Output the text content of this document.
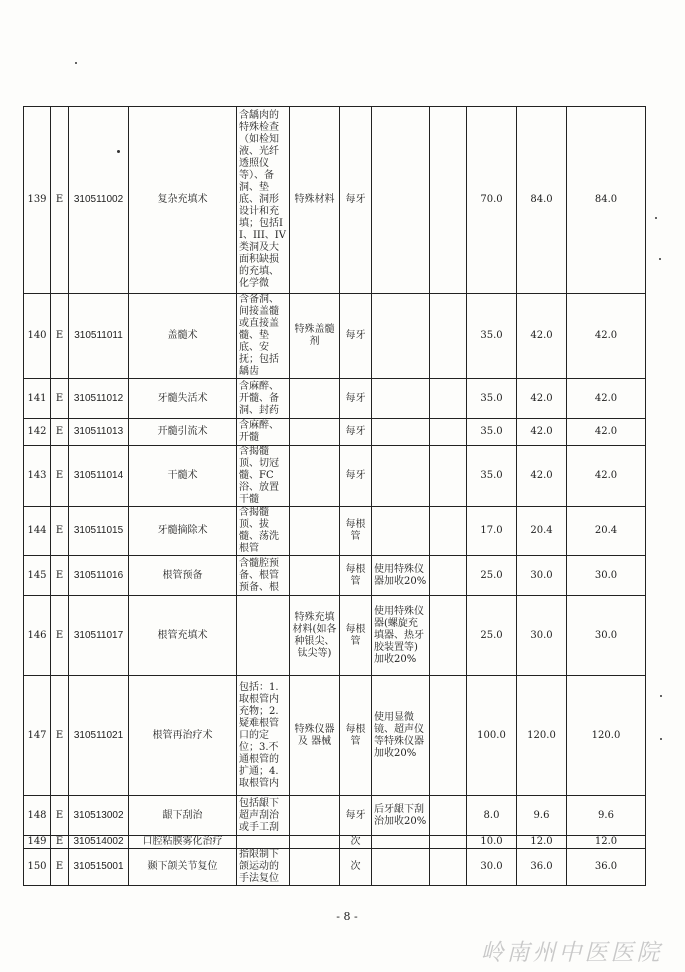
139	E	310511002	复杂充填术	含龋肉的特殊检查（如检知液、光纤透照仪等）、备洞、垫底、洞形设计和充填；包括II、III、IV类洞及大面积缺损的充填、化学微	特殊材料	每牙			70.0	84.0	84.0
140	E	310511011	盖髓术	含备洞、间接盖髓或直接盖髓、垫底、安抚；包括龋齿	特殊盖髓剂	每牙			35.0	42.0	42.0
141	E	310511012	牙髓失活术	含麻醉、开髓、备洞、封药		每牙			35.0	42.0	42.0
142	E	310511013	开髓引流术	含麻醉、开髓		每牙			35.0	42.0	42.0
143	E	310511014	干髓术	含揭髓顶、切冠髓、FC浴、放置干髓		每牙			35.0	42.0	42.0
144	E	310511015	牙髓摘除术	含揭髓顶、拔髓、荡洗根管		每根管			17.0	20.4	20.4
145	E	310511016	根管预备	含髓腔预备、根管预备、根		每根管	使用特殊仪器加收20%		25.0	30.0	30.0
146	E	310511017	根管充填术		特殊充填材料(如各种银尖、钛尖等)	每根管	使用特殊仪器(螺旋充填器、热牙胶装置等)加收20%		25.0	30.0	30.0
147	E	310511021	根管再治疗术	包括：1.取根管内充物；2.疑难根管口的定位；3.不通根管的扩通；4.取根管内	特殊仪器及 器械	每根管	使用显微镜、超声仪等特殊仪器加收20%		100.0	120.0	120.0
148	E	310513002	龈下刮治	包括龈下超声刮治或手工刮		每牙	后牙龈下刮治加收20%		8.0	9.6	9.6
149	E	310514002	口腔粘膜雾化治疗			次			10.0	12.0	12.0
150	E	310515001	颞下颌关节复位	指限制下颌运动的手法复位		次			30.0	36.0	36.0
- 8 -
岭南州中医医院
